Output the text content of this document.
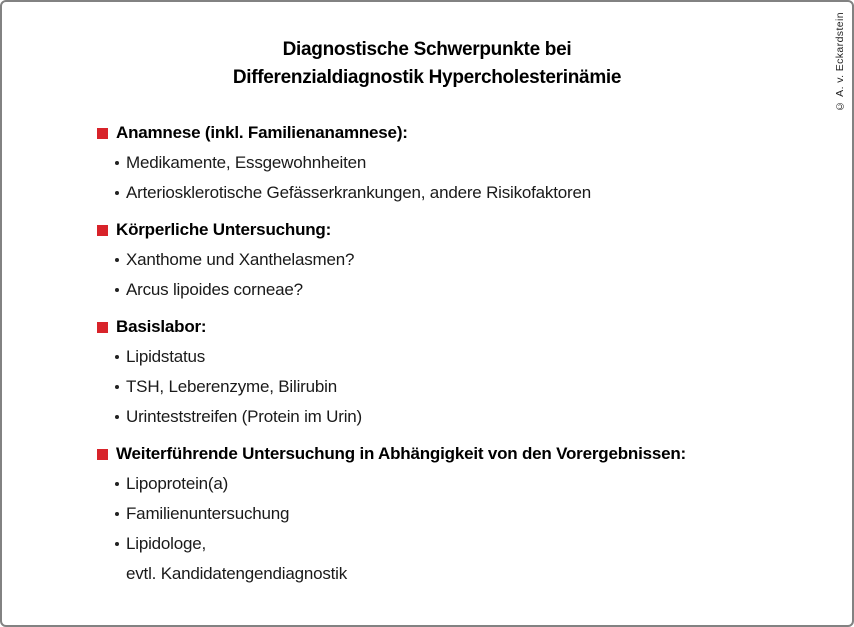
© A. v. Eckardstein
Diagnostische Schwerpunkte bei
Differenzialdiagnostik Hypercholesterinämie
Anamnese (inkl. Familienanamnese):
Medikamente, Essgewohnheiten
Arteriosklerotische Gefässerkrankungen, andere Risikofaktoren
Körperliche Untersuchung:
Xanthome und Xanthelasmen?
Arcus lipoides corneae?
Basislabor:
Lipidstatus
TSH, Leberenzyme, Bilirubin
Urinteststreifen (Protein im Urin)
Weiterführende Untersuchung in Abhängigkeit von den Vorergebnissen:
Lipoprotein(a)
Familienuntersuchung
Lipidologe,
evtl. Kandidatengendiagnostik
